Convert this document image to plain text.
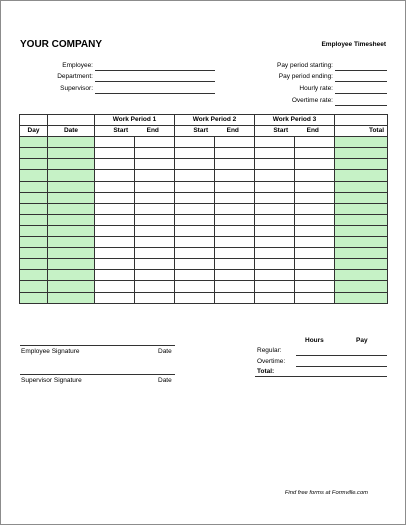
YOUR COMPANY	Employee Timesheet
Employee:
Department:
Supervisor:
Pay period starting:
Pay period ending:
Hourly rate:
Overtime rate:
		Work Period 1		Work Period 2		Work Period 3		
Day	Date	Start	End	Start	End	Start	End	Total

Hours	Pay
Regular:
Overtime:
Total:
Employee Signature	Date
Supervisor Signature	Date
Find free forms at Formville.com
